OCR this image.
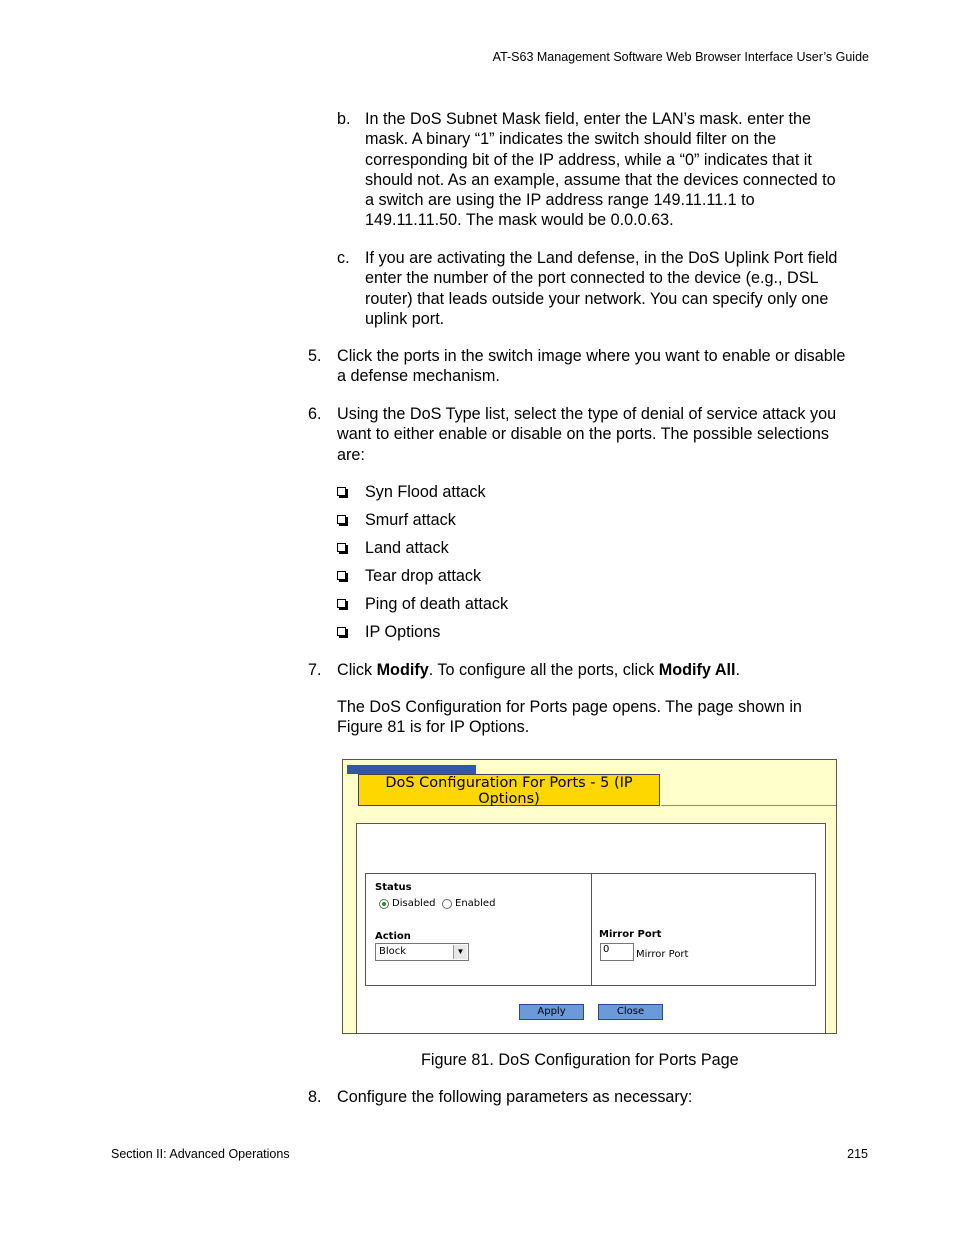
AT-S63 Management Software Web Browser Interface User’s Guide
Section II: Advanced Operations	215
b. In the DoS Subnet Mask field, enter the LAN’s mask. enter the
mask. A binary “1” indicates the switch should filter on the
corresponding bit of the IP address, while a “0” indicates that it
should not. As an example, assume that the devices connected to
a switch are using the IP address range 149.11.11.1 to
149.11.11.50. The mask would be 0.0.0.63.
c. If you are activating the Land defense, in the DoS Uplink Port field
enter the number of the port connected to the device (e.g., DSL
router) that leads outside your network. You can specify only one
uplink port.
5. Click the ports in the switch image where you want to enable or disable
a defense mechanism.
6. Using the DoS Type list, select the type of denial of service attack you
want to either enable or disable on the ports. The possible selections
are:
Syn Flood attack
Smurf attack
Land attack
Tear drop attack
Ping of death attack
IP Options
7. Click Modify. To configure all the ports, click Modify All.
The DoS Configuration for Ports page opens. The page shown in
Figure 81 is for IP Options.
DoS Configuration For Ports - 5 (IP
Options)
Status
Disabled Enabled
Action
Block	▼
Mirror Port
0	Mirror Port
Apply	Close
Figure 81. DoS Configuration for Ports Page
8. Configure the following parameters as necessary:
